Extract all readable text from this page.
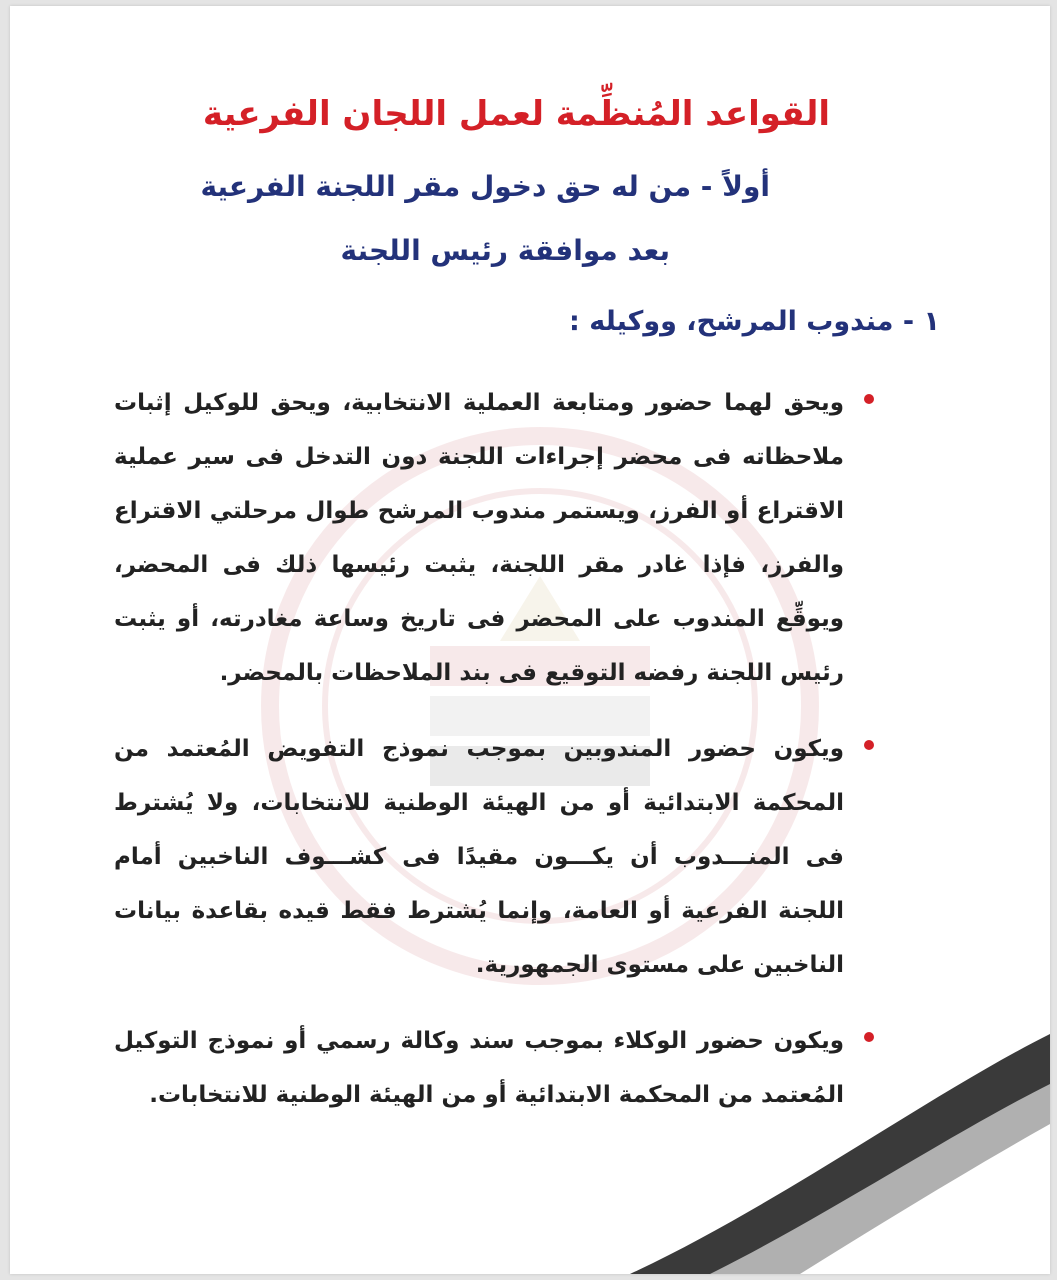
القواعد المُنظِّمة لعمل اللجان الفرعية
أولاً - من له حق دخول مقر اللجنة الفرعية
بعد موافقة رئيس اللجنة
١ - مندوب المرشح، ووكيله :
ويحق لهما حضور ومتابعة العملية الانتخابية، ويحق للوكيل إثبات ملاحظاته فى محضر إجراءات اللجنة دون التدخل فى سير عملية الاقتراع أو الفرز، ويستمر مندوب المرشح طوال مرحلتي الاقتراع والفرز، فإذا غادر مقر اللجنة، يثبت رئيسها ذلك فى المحضر، ويوقِّع المندوب على المحضر فى تاريخ وساعة مغادرته، أو يثبت رئيس اللجنة رفضه التوقيع فى بند الملاحظات بالمحضر.
ويكون حضور المندوبين بموجب نموذج التفويض المُعتمد من المحكمة الابتدائية أو من الهيئة الوطنية للانتخابات، ولا يُشترط فى المنـــدوب أن يكـــون مقيدًا فى كشـــوف الناخبين أمام اللجنة الفرعية أو العامة، وإنما يُشترط فقط قيده بقاعدة بيانات الناخبين على مستوى الجمهورية.
ويكون حضور الوكلاء بموجب سند وكالة رسمي أو نموذج التوكيل المُعتمد من المحكمة الابتدائية أو من الهيئة الوطنية للانتخابات.
